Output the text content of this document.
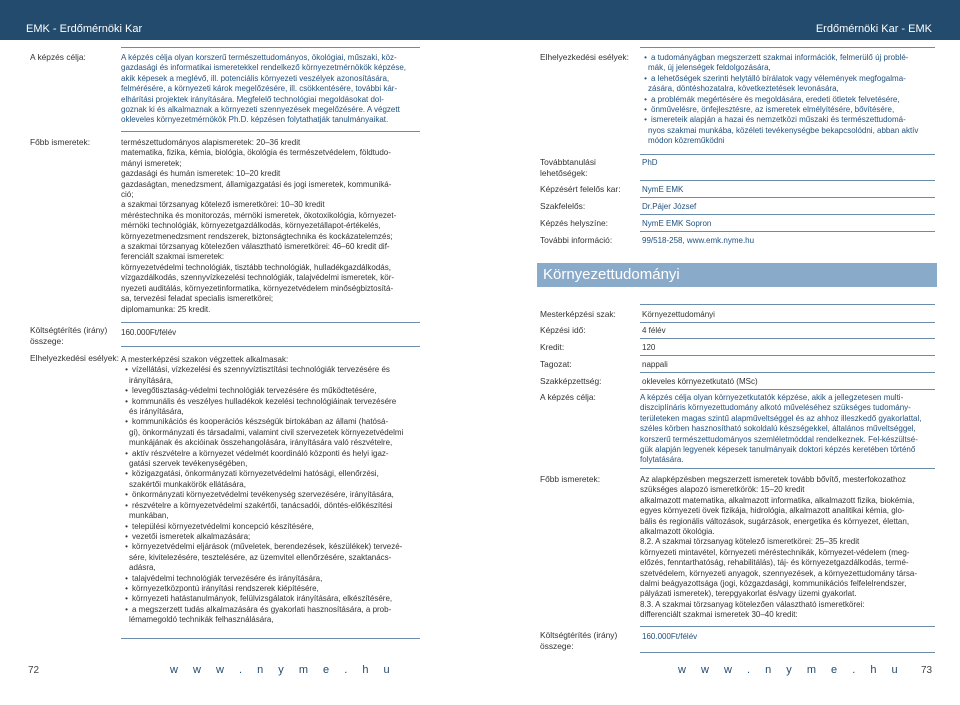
EMK - Erdőmérnöki Kar
A képzés célja:	A képzés célja olyan korszerű természettudományos, ökológiai, műszaki, köz-
gazdasági és informatikai ismeretekkel rendelkező környezetmérnökök képzése,
akik képesek a meglévő, ill. potenciális környezeti veszélyek azonosítására,
felmérésére, a környezeti károk megelőzésére, ill. csökkentésére, további kár-
elhárítási projektek irányítására. Megfelelő technológiai megoldásokat dol-
goznak ki és alkalmaznak a környezeti szennyezések megelőzésére. A végzett
okleveles környezetmérnökök Ph.D. képzésen folytathatják tanulmányaikat.
Főbb ismeretek:	természettudományos alapismeretek: 20–36 kredit
matematika, fizika, kémia, biológia, ökológia és természetvédelem, földtudo-
mányi ismeretek;
gazdasági és humán ismeretek: 10–20 kredit
gazdaságtan, menedzsment, államigazgatási és jogi ismeretek, kommuniká-
ció;
a szakmai törzsanyag kötelező ismeretkörei: 10–30 kredit
méréstechnika és monitorozás, mérnöki ismeretek, ökotoxikológia, környezet-
mérnöki technológiák, környezetgazdálkodás, környezetállapot-értékelés,
környezetmenedzsment rendszerek, biztonságtechnika és kockázatelemzés;
a szakmai törzsanyag kötelezően választható ismeretkörei: 46–60 kredit dif-
ferenciált szakmai ismeretek:
környezetvédelmi technológiák, tisztább technológiák, hulladékgazdálkodás,
vízgazdálkodás, szennyvízkezelési technológiák, talajvédelmi ismeretek, kör-
nyezeti auditálás, környezetinformatika, környezetvédelem minőségbiztosítá-
sa, tervezési feladat specialis ismeretkörei;
diplomamunka: 25 kredit.
Költségtérítés (irány)
összege:
160.000Ft/félév
Elhelyezkedési esélyek: A mesterképzési szakon végzettek alkalmasak:
• vízellátási, vízkezelési és szennyvíztisztítási technológiák tervezésére és
irányítására,
• levegőtisztaság-védelmi technológiák tervezésére és működtetésére,
• kommunális és veszélyes hulladékok kezelési technológiáinak tervezésére
és irányítására,
• kommunikációs és kooperációs készségük birtokában az állami (hatósá-
gi), önkormányzati és társadalmi, valamint civil szervezetek környezetvédelmi
munkájának és akcióinak összehangolására, irányítására való részvételre,
• aktív részvételre a környezet védelmét koordináló központi és helyi igaz-
gatási szervek tevékenységében,
• közigazgatási, önkormányzati környezetvédelmi hatósági, ellenőrzési,
szakértői munkakörök ellátására,
• önkormányzati környezetvédelmi tevékenység szervezésére, irányítására,
• részvételre a környezetvédelmi szakértői, tanácsadói, döntés-előkészítési
munkában,
• települési környezetvédelmi koncepció készítésére,
• vezetői ismeretek alkalmazására;
• környezetvédelmi eljárások (műveletek, berendezések, készülékek) tervezé-
sére, kivitelezésére, tesztelésére, az üzemvitel ellenőrzésére, szaktanács-
adásra,
• talajvédelmi technológiák tervezésére és irányítására,
• környezetközpontú irányítási rendszerek kiépítésére,
• környezeti hatástanulmányok, felülvizsgálatok irányítására, elkészítésére,
• a megszerzett tudás alkalmazására és gyakorlati hasznosítására, a prob-
lémamegoldó technikák felhasználására,
72	w w w . n y m e . h u
Erdőmérnöki Kar - EMK
Elhelyezkedési esélyek:	• a tudományágban megszerzett szakmai információk, felmerülő új problé-
mák, új jelenségek feldolgozására,
• a lehetőségek szerinti helytálló bírálatok vagy vélemények megfogalma-
zására, döntéshozatalra, következtetések levonására,
• a problémák megértésére és megoldására, eredeti ötletek felvetésére,
• önművelésre, önfejlesztésre, az ismeretek elmélyítésére, bővítésére,
• ismereteik alapján a hazai és nemzetközi műszaki és természettudomá-
nyos szakmai munkába, közéleti tevékenységbe bekapcsolódni, abban aktív
módon közreműködni
Továbbtanulási
lehetőségek:
PhD
Képzésért felelős kar:	NymE EMK
Szakfelelős:	Dr.Pájer József
Képzés helyszíne:	NymE EMK Sopron
További információ:	99/518-258, www.emk.nyme.hu
Környezettudományi
Mesterképzési szak:	Környezettudományi
Képzési idő:	4 félév
Kredit:	120
Tagozat:	nappali
Szakképzettség:	okleveles környezetkutató (MSc)
A képzés célja:	A képzés célja olyan környezetkutatók képzése, akik a jellegzetesen multi-
diszciplínáris környezettudomány alkotó műveléséhez szükséges tudomány-
területeken magas szintű alapműveltséggel és az ahhoz illeszkedő gyakorlattal,
széles körben hasznosítható sokoldalú készségekkel, általános műveltséggel,
korszerű természettudományos szemléletmóddal rendelkeznek. Fel-készültsé-
gük alapján legyenek képesek tanulmányaik doktori képzés keretében történő
folytatására.
Főbb ismeretek:	Az alapképzésben megszerzett ismeretek tovább bővítő, mesterfokozathoz
szükséges alapozó ismeretkörök: 15–20 kredit
alkalmazott matematika, alkalmazott informatika, alkalmazott fizika, biokémia,
egyes környezeti övek fizikája, hidrológia, alkalmazott analitikai kémia, glo-
bális és regionális változások, sugárzások, energetika és környezet, élettan,
alkalmazott ökológia.
8.2. A szakmai törzsanyag kötelező ismeretkörei: 25–35 kredit
környezeti mintavétel, környezeti méréstechnikák, környezet-védelem (meg-
előzés, fenntarthatóság, rehabilitálás), táj- és környezetgazdálkodás, termé-
szetvédelem, környezeti anyagok, szennyezések, a környezettudomány társa-
dalmi beágyazottsága (jogi, közgazdasági, kommunikációs felfelelrendszer,
pályázati ismeretek), terepgyakorlat és/vagy üzemi gyakorlat.
8.3. A szakmai törzsanyag kötelezően választható ismeretkörei:
differenciált szakmai ismeretek 30–40 kredit:
Költségtérítés (irány)
összege:
160.000Ft/félév
w w w . n y m e . h u 73
